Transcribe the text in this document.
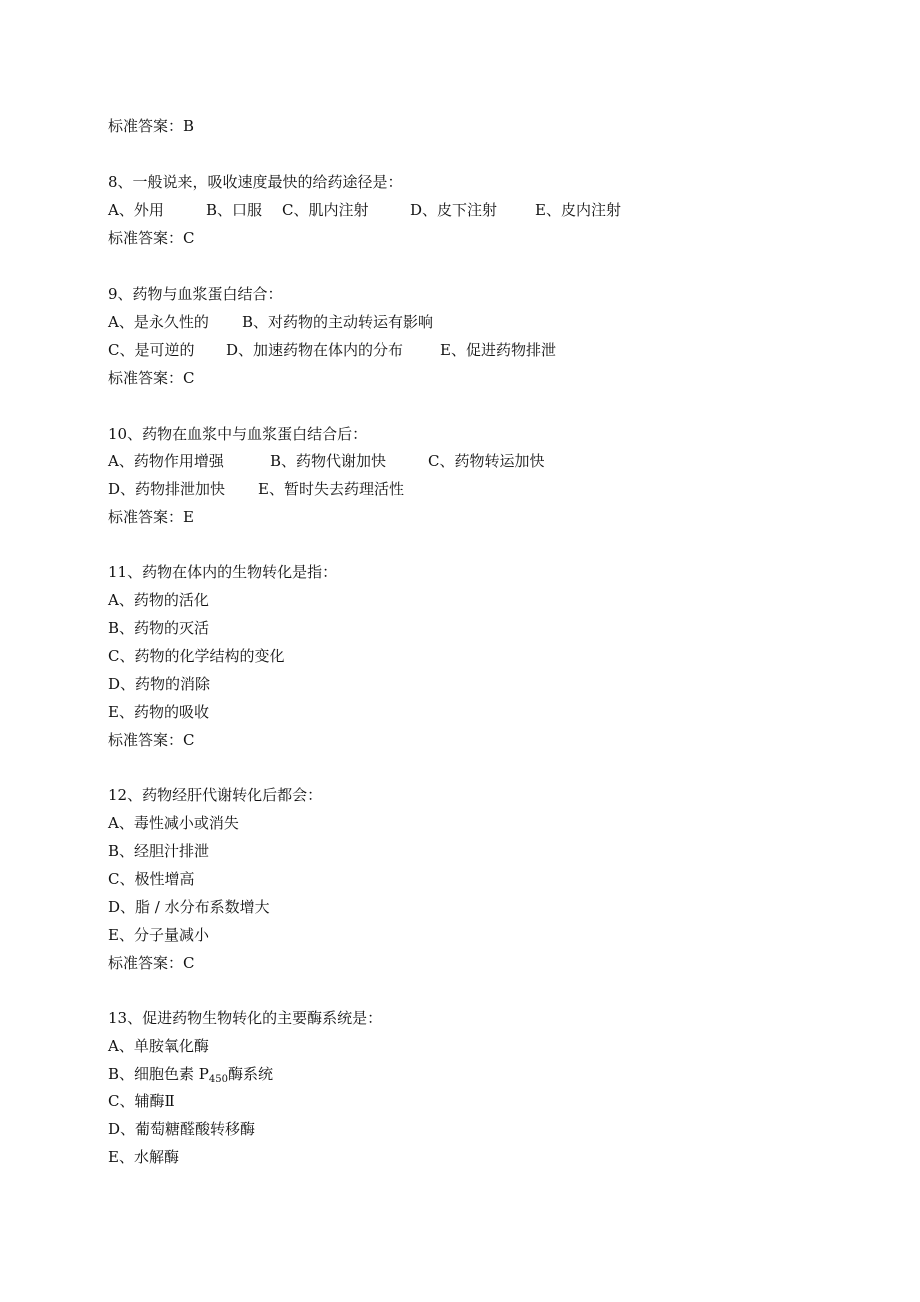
标准答案：B

8、一般说来，吸收速度最快的给药途径是：

A、外用	B、口服 C、肌内注射	D、皮下注射	E、皮内注射

标准答案：C

9、药物与血浆蛋白结合：

A、是永久性的 B、对药物的主动转运有影响

C、是可逆的 D、加速药物在体内的分布 E、促进药物排泄

标准答案：C

10、药物在血浆中与血浆蛋白结合后：

A、药物作用增强	B、药物代谢加快	C、药物转运加快

D、药物排泄加快 E、暂时失去药理活性

标准答案：E

11、药物在体内的生物转化是指：

A、药物的活化

B、药物的灭活

C、药物的化学结构的变化

D、药物的消除

E、药物的吸收

标准答案：C

12、药物经肝代谢转化后都会：

A、毒性减小或消失

B、经胆汁排泄

C、极性增高

D、脂 / 水分布系数增大

E、分子量减小

标准答案：C

13、促进药物生物转化的主要酶系统是：

A、单胺氧化酶

B、细胞色素 $P_{450}$酶系统

C、辅酶Ⅱ

D、葡萄糖醛酸转移酶

E、水解酶
